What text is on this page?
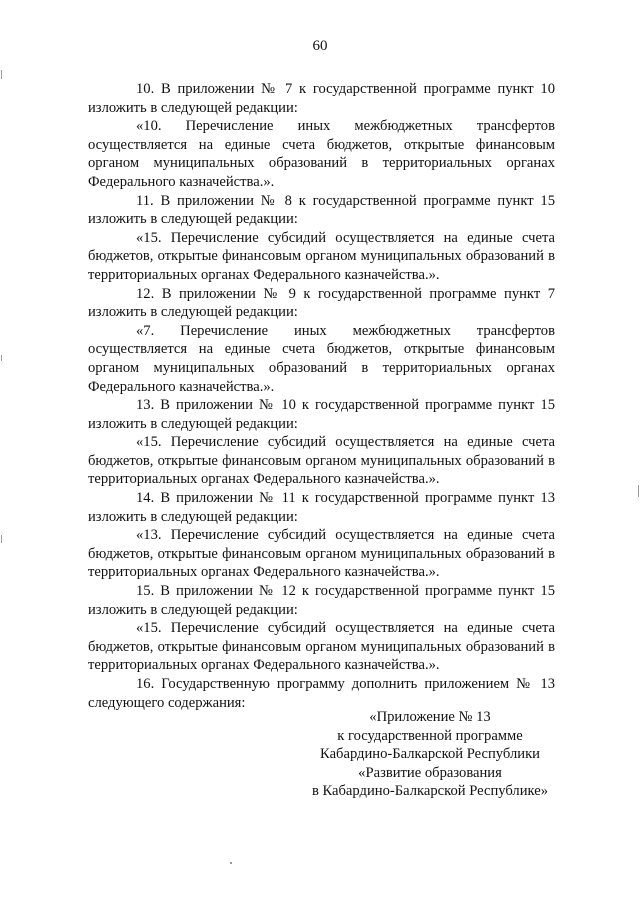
60

10. В приложении № 7 к государственной программе пункт 10 изложить в следующей редакции:

«10. Перечисление иных межбюджетных трансфертов осуществляется на единые счета бюджетов, открытые финансовым органом муниципальных образований в территориальных органах Федерального казначейства.».

11. В приложении № 8 к государственной программе пункт 15 изложить в следующей редакции:

«15. Перечисление субсидий осуществляется на единые счета бюджетов, открытые финансовым органом муниципальных образований в территориальных органах Федерального казначейства.».

12. В приложении № 9 к государственной программе пункт 7 изложить в следующей редакции:

«7. Перечисление иных межбюджетных трансфертов осуществляется на единые счета бюджетов, открытые финансовым органом муниципальных образований в территориальных органах Федерального казначейства.».

13. В приложении № 10 к государственной программе пункт 15 изложить в следующей редакции:

«15. Перечисление субсидий осуществляется на единые счета бюджетов, открытые финансовым органом муниципальных образований в территориальных органах Федерального казначейства.».

14. В приложении № 11 к государственной программе пункт 13 изложить в следующей редакции:

«13. Перечисление субсидий осуществляется на единые счета бюджетов, открытые финансовым органом муниципальных образований в территориальных органах Федерального казначейства.».

15. В приложении № 12 к государственной программе пункт 15 изложить в следующей редакции:

«15. Перечисление субсидий осуществляется на единые счета бюджетов, открытые финансовым органом муниципальных образований в территориальных органах Федерального казначейства.».

16. Государственную программу дополнить приложением № 13 следующего содержания:

«Приложение № 13
к государственной программе
Кабардино-Балкарской Республики
«Развитие образования
в Кабардино-Балкарской Республике»
